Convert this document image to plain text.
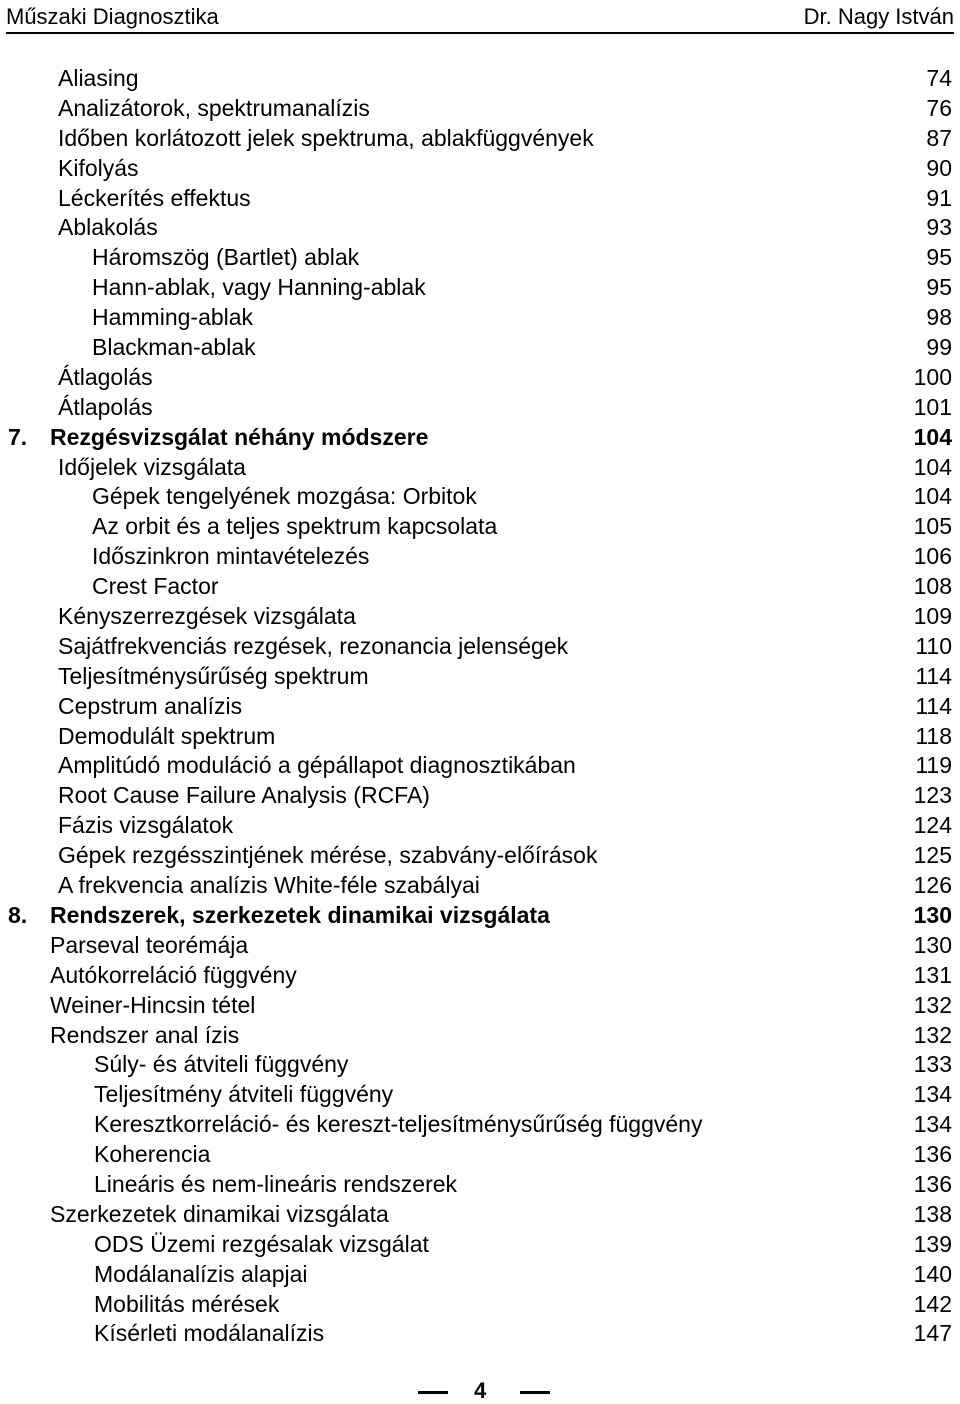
Műszaki Diagnosztika	Dr. Nagy István
Aliasing	74
Analizátorok, spektrumanalízis	76
Időben korlátozott jelek spektruma, ablakfüggvények	87
Kifolyás	90
Léckerítés effektus	91
Ablakolás	93
Háromszög (Bartlet) ablak	95
Hann-ablak, vagy Hanning-ablak	95
Hamming-ablak	98
Blackman-ablak	99
Átlagolás	100
Átlapolás	101
7. Rezgésvizsgálat néhány módszere	104
Időjelek vizsgálata	104
Gépek tengelyének mozgása: Orbitok	104
Az orbit és a teljes spektrum kapcsolata	105
Időszinkron mintavételezés	106
Crest Factor	108
Kényszerrezgések vizsgálata	109
Sajátfrekvenciás rezgések, rezonancia jelenségek	110
Teljesítménysűrűség spektrum	114
Cepstrum analízis	114
Demodulált spektrum	118
Amplitúdó moduláció a gépállapot diagnosztikában	119
Root Cause Failure Analysis (RCFA)	123
Fázis vizsgálatok	124
Gépek rezgésszintjének mérése, szabvány-előírások	125
A frekvencia analízis White-féle szabályai	126
8. Rendszerek, szerkezetek dinamikai vizsgálata	130
Parseval teorémája	130
Autókorreláció függvény	131
Weiner-Hincsin tétel	132
Rendszer anal ízis	132
Súly- és átviteli függvény	133
Teljesítmény átviteli függvény	134
Keresztkorreláció- és kereszt-teljesítménysűrűség függvény	134
Koherencia	136
Lineáris és nem-lineáris rendszerek	136
Szerkezetek dinamikai vizsgálata	138
ODS Üzemi rezgésalak vizsgálat	139
Modálanalízis alapjai	140
Mobilitás mérések	142
Kísérleti modálanalízis	147
4
